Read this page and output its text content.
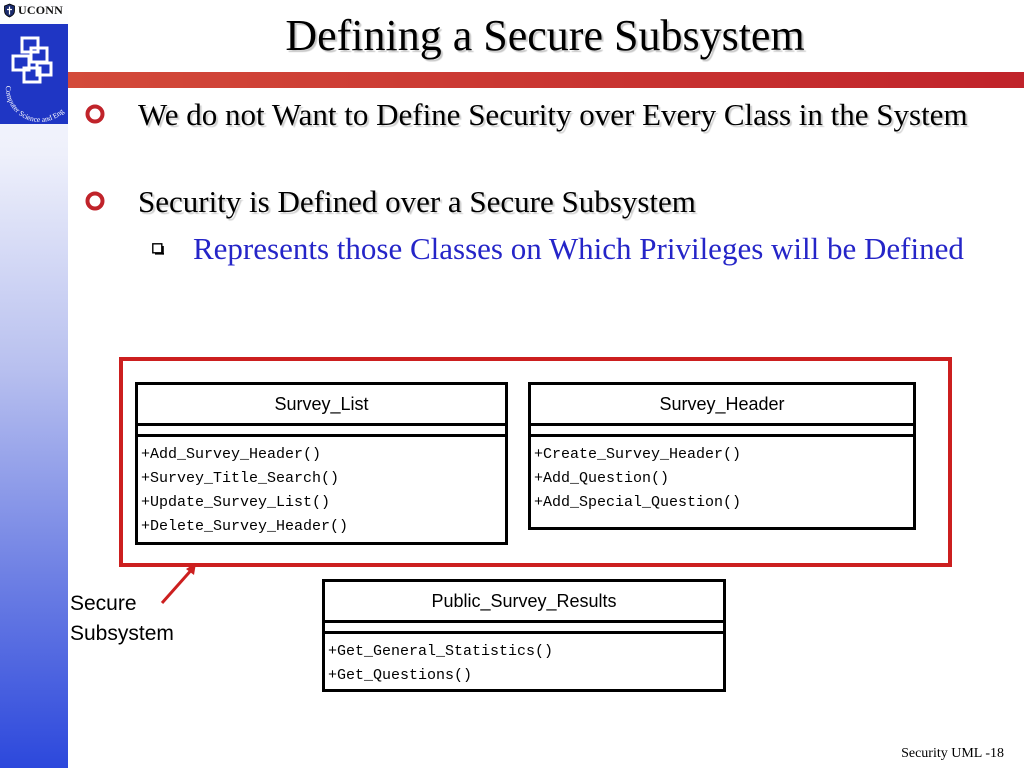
UCONN
Computer Science and Eng
Defining a Secure Subsystem
We do not Want to Define Security over Every Class in the System
Security is Defined over a Secure Subsystem
Represents those Classes on Which Privileges will be Defined
Survey_List
+Add_Survey_Header()
+Survey_Title_Search()
+Update_Survey_List()
+Delete_Survey_Header()
Survey_Header
+Create_Survey_Header()
+Add_Question()
+Add_Special_Question()
Public_Survey_Results
+Get_General_Statistics()
+Get_Questions()
Secure Subsystem
Security UML -18
